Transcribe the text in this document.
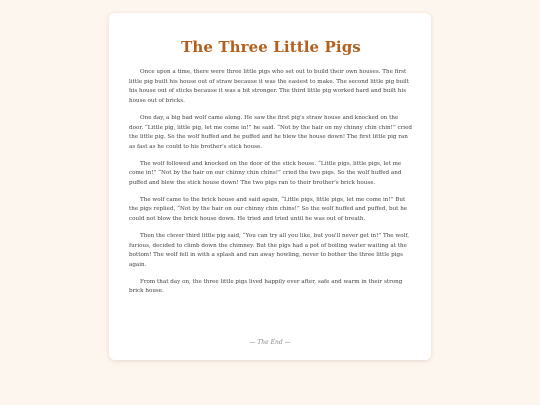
The Three Little Pigs

Once upon a time, there were three little pigs who set out to build their own houses. The first little pig built his house out of straw because it was the easiest to make. The second little pig built his house out of sticks because it was a bit stronger. The third little pig worked hard and built his house out of bricks.

One day, a big bad wolf came along. He saw the first pig's straw house and knocked on the door. “Little pig, little pig, let me come in!” he said. “Not by the hair on my chinny chin chin!” cried the little pig. So the wolf huffed and he puffed and he blew the house down! The first little pig ran as fast as he could to his brother's stick house.

The wolf followed and knocked on the door of the stick house. “Little pigs, little pigs, let me come in!” “Not by the hair on our chinny chin chins!” cried the two pigs. So the wolf huffed and puffed and blew the stick house down! The two pigs ran to their brother's brick house.

The wolf came to the brick house and said again, “Little pigs, little pigs, let me come in!” But the pigs replied, “Not by the hair on our chinny chin chins!” So the wolf huffed and puffed, but he could not blow the brick house down. He tried and tried until he was out of breath.

Then the clever third little pig said, “You can try all you like, but you'll never get in!” The wolf, furious, decided to climb down the chimney. But the pigs had a pot of boiling water waiting at the bottom! The wolf fell in with a splash and ran away howling, never to bother the three little pigs again.

From that day on, the three little pigs lived happily ever after, safe and warm in their strong brick house.

— The End —
